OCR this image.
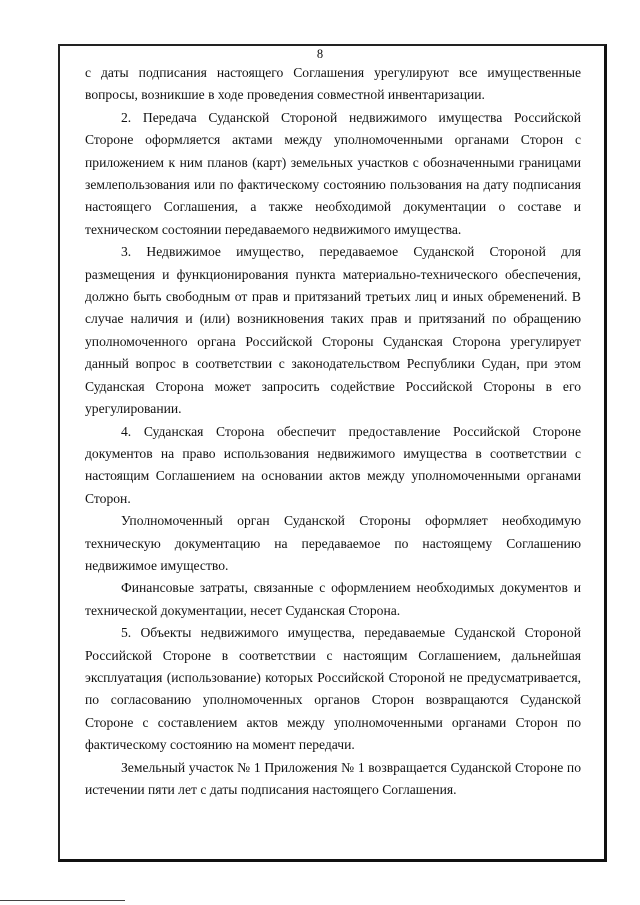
8

с даты подписания настоящего Соглашения урегулируют все имущественные вопросы, возникшие в ходе проведения совместной инвентаризации.

2. Передача Суданской Стороной недвижимого имущества Российской Стороне оформляется актами между уполномоченными органами Сторон с приложением к ним планов (карт) земельных участков с обозначенными границами землепользования или по фактическому состоянию пользования на дату подписания настоящего Соглашения, а также необходимой документации о составе и техническом состоянии передаваемого недвижимого имущества.

3. Недвижимое имущество, передаваемое Суданской Стороной для размещения и функционирования пункта материально-технического обеспечения, должно быть свободным от прав и притязаний третьих лиц и иных обременений. В случае наличия и (или) возникновения таких прав и притязаний по обращению уполномоченного органа Российской Стороны Суданская Сторона урегулирует данный вопрос в соответствии с законодательством Республики Судан, при этом Суданская Сторона может запросить содействие Российской Стороны в его урегулировании.

4. Суданская Сторона обеспечит предоставление Российской Стороне документов на право использования недвижимого имущества в соответствии с настоящим Соглашением на основании актов между уполномоченными органами Сторон.

Уполномоченный орган Суданской Стороны оформляет необходимую техническую документацию на передаваемое по настоящему Соглашению недвижимое имущество.

Финансовые затраты, связанные с оформлением необходимых документов и технической документации, несет Суданская Сторона.

5. Объекты недвижимого имущества, передаваемые Суданской Стороной Российской Стороне в соответствии с настоящим Соглашением, дальнейшая эксплуатация (использование) которых Российской Стороной не предусматривается, по согласованию уполномоченных органов Сторон возвращаются Суданской Стороне с составлением актов между уполномоченными органами Сторон по фактическому состоянию на момент передачи.

Земельный участок № 1 Приложения № 1 возвращается Суданской Стороне по истечении пяти лет с даты подписания настоящего Соглашения.
